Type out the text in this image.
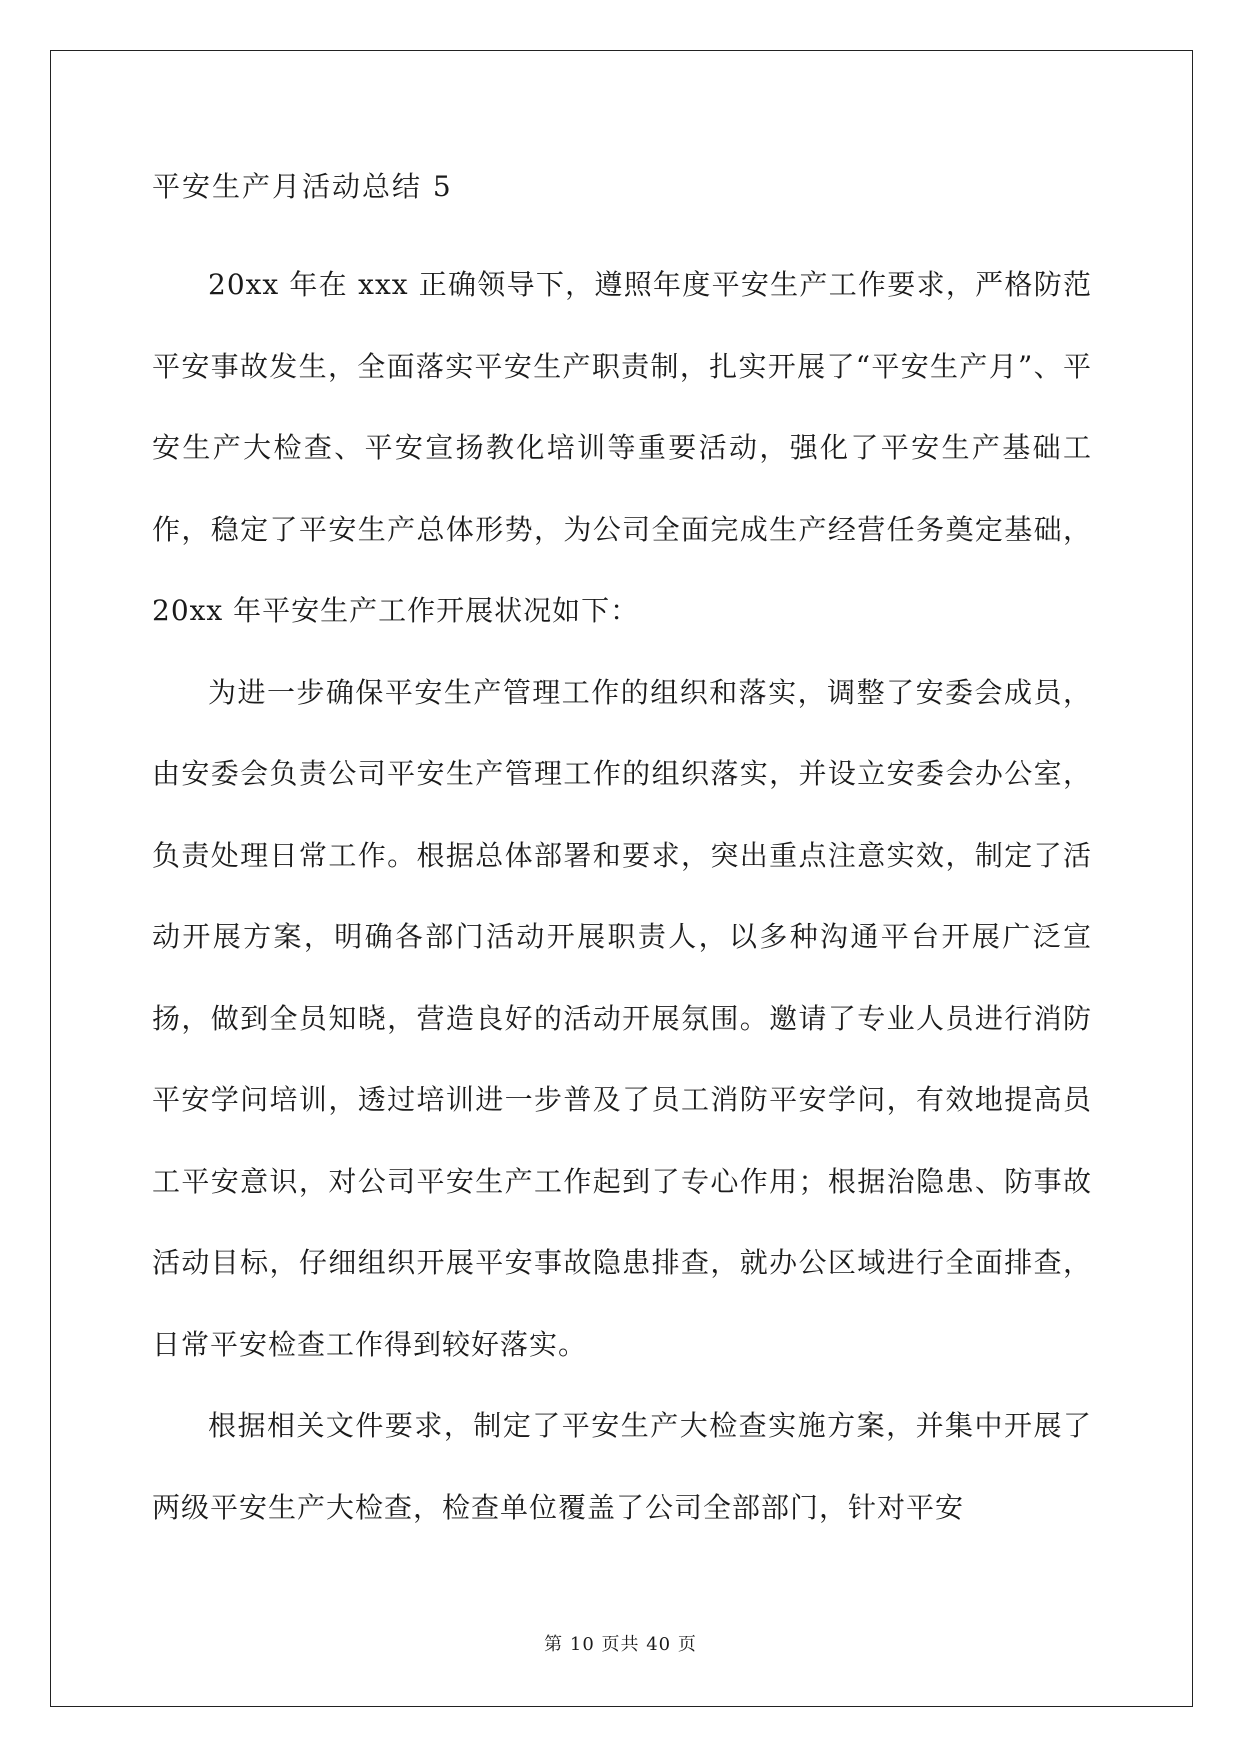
平安生产月活动总结 5

20xx 年在 xxx 正确领导下，遵照年度平安生产工作要求，严格防范平安事故发生，全面落实平安生产职责制，扎实开展了“平安生产月”、平安生产大检查、平安宣扬教化培训等重要活动，强化了平安生产基础工作，稳定了平安生产总体形势，为公司全面完成生产经营任务奠定基础，20xx 年平安生产工作开展状况如下：

为进一步确保平安生产管理工作的组织和落实，调整了安委会成员，由安委会负责公司平安生产管理工作的组织落实，并设立安委会办公室，负责处理日常工作。根据总体部署和要求，突出重点注意实效，制定了活动开展方案，明确各部门活动开展职责人，以多种沟通平台开展广泛宣扬，做到全员知晓，营造良好的活动开展氛围。邀请了专业人员进行消防平安学问培训，透过培训进一步普及了员工消防平安学问，有效地提高员工平安意识，对公司平安生产工作起到了专心作用；根据治隐患、防事故活动目标，仔细组织开展平安事故隐患排查，就办公区域进行全面排查，日常平安检查工作得到较好落实。

根据相关文件要求，制定了平安生产大检查实施方案，并集中开展了两级平安生产大检查，检查单位覆盖了公司全部部门，针对平安

第 10 页共 40 页
